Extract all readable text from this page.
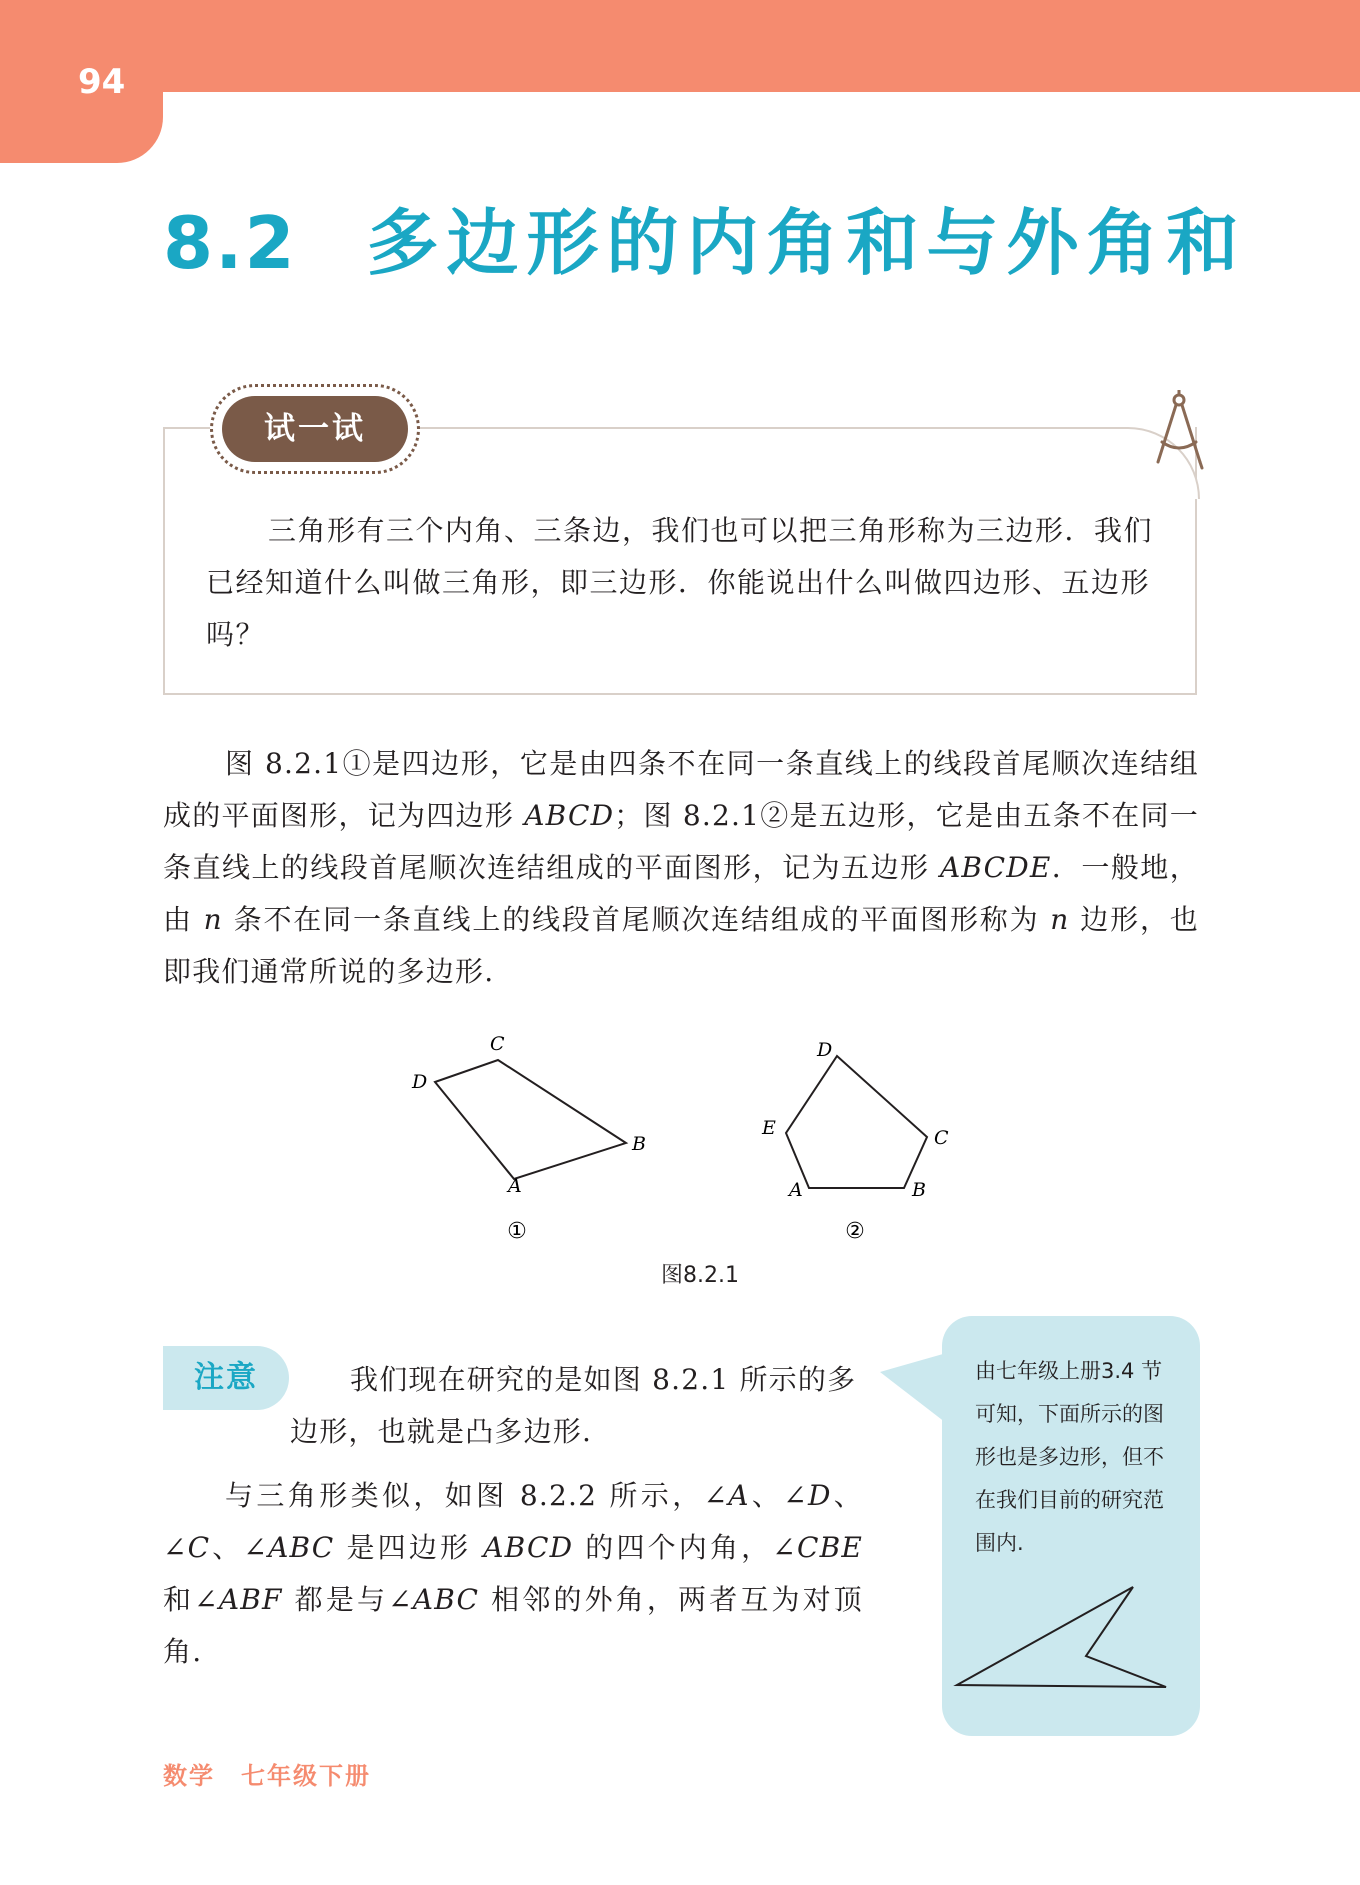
94
8.2 多边形的内角和与外角和
试一试

三角形有三个内角、三条边，我们也可以把三角形称为三边形．我们已经知道什么叫做三角形，即三边形．你能说出什么叫做四边形、五边形吗？

图 8.2.1①是四边形，它是由四条不在同一条直线上的线段首尾顺次连结组成的平面图形，记为四边形 ABCD；图 8.2.1②是五边形，它是由五条不在同一条直线上的线段首尾顺次连结组成的平面图形，记为五边形 ABCDE．一般地，由 n 条不在同一条直线上的线段首尾顺次连结组成的平面图形称为 n 边形，也即我们通常所说的多边形.

A
B
C
D
①
A	B
C
D
E
②
图8.2.1
注意	我们现在研究的是如图 8.2.1 所示的多边形，也就是凸多边形.

与三角形类似，如图 8.2.2 所示，∠A、∠D、∠C、∠ABC 是四边形 ABCD 的四个内角，∠CBE 和∠ABF 都是与∠ABC 相邻的外角，两者互为对顶角.

由七年级上册3.4 节可知，下面所示的图形也是多边形，但不在我们目前的研究范围内.

数学 七年级下册
